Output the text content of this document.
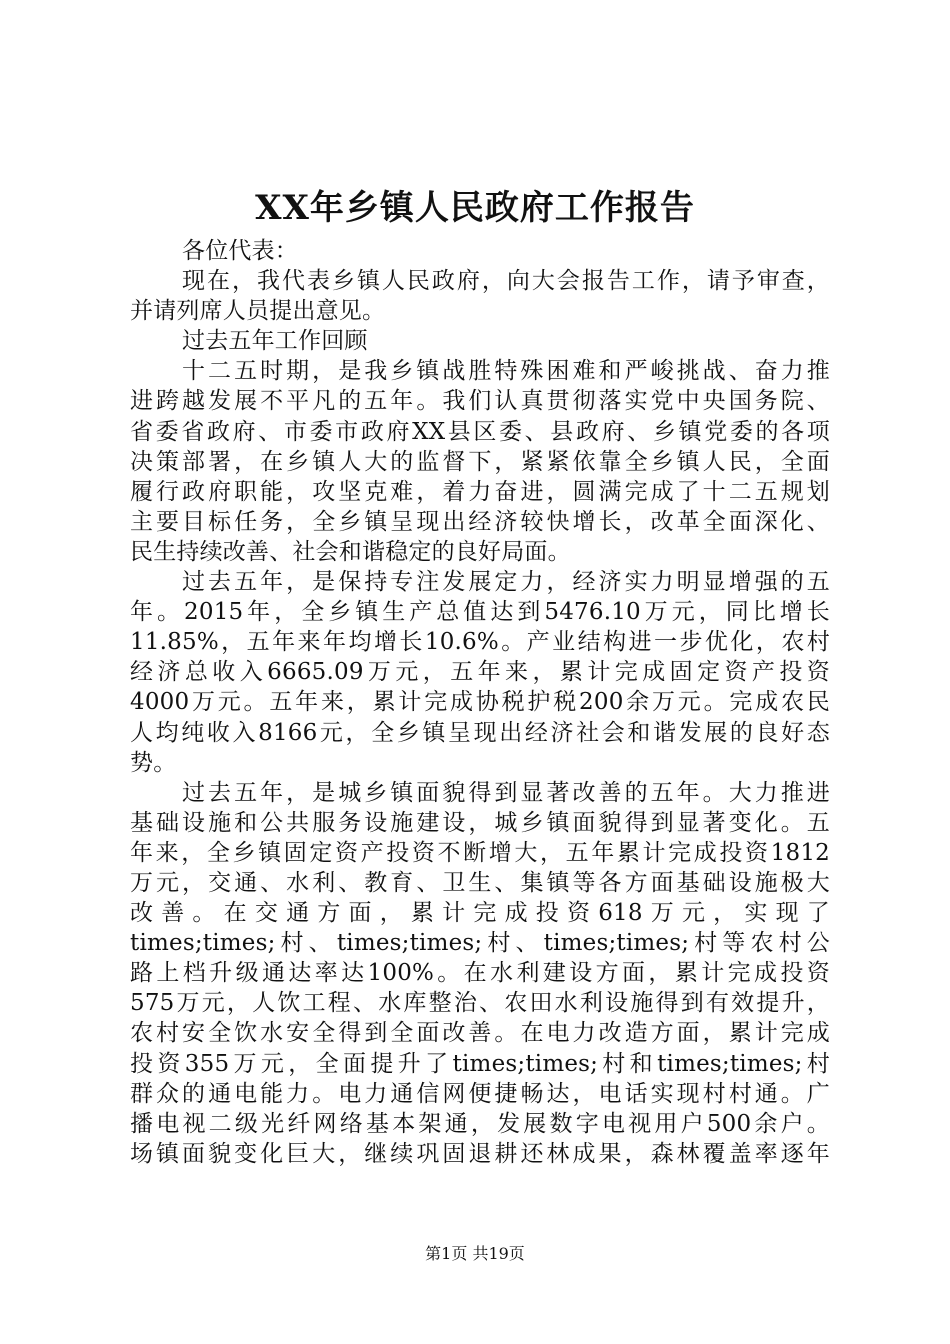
XX年乡镇人民政府工作报告
各位代表：
现在，我代表乡镇人民政府，向大会报告工作，请予审查，
并请列席人员提出意见。
过去五年工作回顾
十二五时期，是我乡镇战胜特殊困难和严峻挑战、奋力推
进跨越发展不平凡的五年。我们认真贯彻落实党中央国务院、
省委省政府、市委市政府XX县区委、县政府、乡镇党委的各项
决策部署，在乡镇人大的监督下，紧紧依靠全乡镇人民，全面
履行政府职能，攻坚克难，着力奋进，圆满完成了十二五规划
主要目标任务，全乡镇呈现出经济较快增长，改革全面深化、
民生持续改善、社会和谐稳定的良好局面。
过去五年，是保持专注发展定力，经济实力明显增强的五
年。2015年，全乡镇生产总值达到5476.10万元，同比增长
11.85%，五年来年均增长10.6%。产业结构进一步优化，农村
经济总收入6665.09万元，五年来，累计完成固定资产投资
4000万元。五年来，累计完成协税护税200余万元。完成农民
人均纯收入8166元，全乡镇呈现出经济社会和谐发展的良好态
势。
过去五年，是城乡镇面貌得到显著改善的五年。大力推进
基础设施和公共服务设施建设，城乡镇面貌得到显著变化。五
年来，全乡镇固定资产投资不断增大，五年累计完成投资1812
万元，交通、水利、教育、卫生、集镇等各方面基础设施极大
改善。在交通方面，累计完成投资618万元，实现了
times;times;村、times;times;村、times;times;村等农村公
路上档升级通达率达100%。在水利建设方面，累计完成投资
575万元，人饮工程、水库整治、农田水利设施得到有效提升，
农村安全饮水安全得到全面改善。在电力改造方面，累计完成
投资355万元，全面提升了times;times;村和times;times;村
群众的通电能力。电力通信网便捷畅达，电话实现村村通。广
播电视二级光纤网络基本架通，发展数字电视用户500余户。
场镇面貌变化巨大，继续巩固退耕还林成果，森林覆盖率逐年
第1页 共19页
